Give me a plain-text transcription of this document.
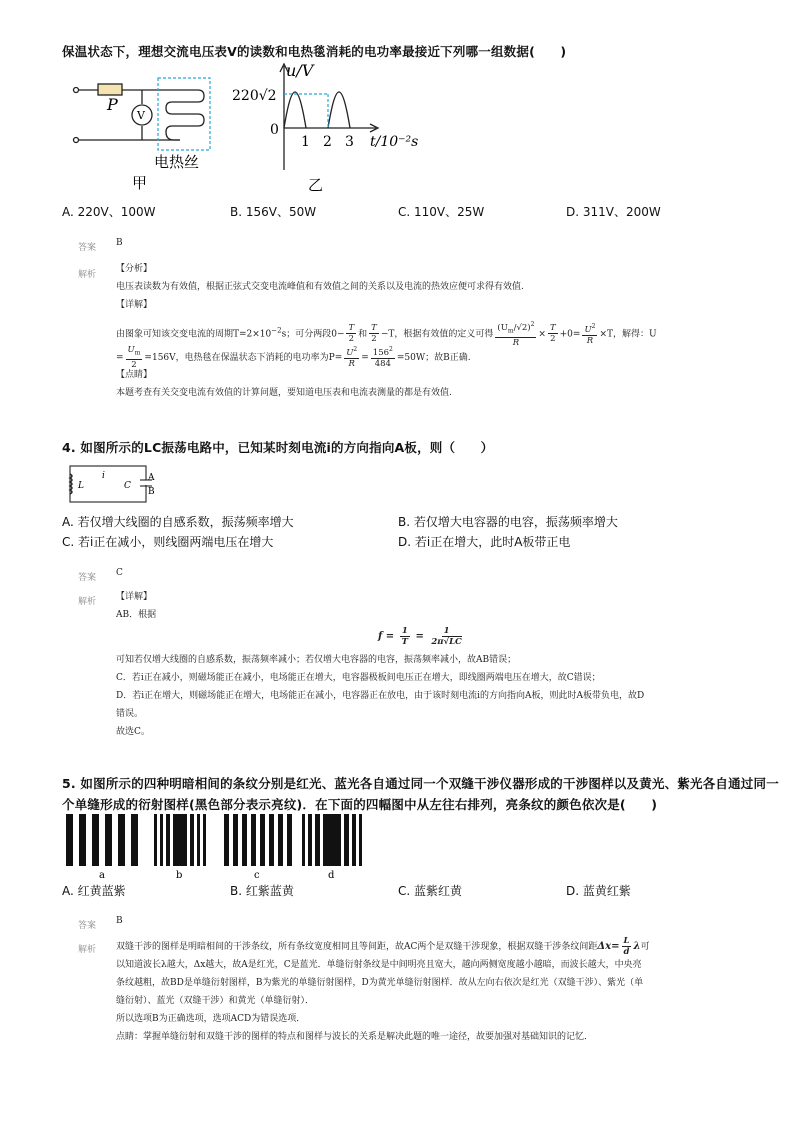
保温状态下，理想交流电压表V的读数和电热毯消耗的电功率最接近下列哪一组数据(　　)
P
V
电热丝
甲
u/V
220√2
0
1 2 3 t/10⁻²s
乙
A. 220V、100W	B. 156V、50W	C. 110V、25W	D. 311V、200W
答案 B
解析
【分析】
电压表读数为有效值，根据正弦式交变电流峰值和有效值之间的关系以及电流的热效应便可求得有效值.
【详解】
由图象可知该交变电流的周期$T=2\times 10^{-2}s$；可分两段$0- \frac{T}{2}$ 和 $\frac{T}{2} -T$，根据有效值的定义可得 $\frac{(U_m/√2)^2}{R} \times \frac{T}{2} +0= \frac{U^2}{R} \times T$，解得：U
= $\frac{U_m}{2} =156V$，电热毯在保温状态下消耗的电功率为$P= \frac{U^2}{R} = \frac{156^2}{484} =50W$；故B正确.
【点睛】
本题考查有关交变电流有效值的计算问题，要知道电压表和电流表测量的都是有效值.
4. 如图所示的LC振荡电路中，已知某时刻电流i的方向指向A板，则（　　）
i
L	C
A
B
A. 若仅增大线圈的自感系数，振荡频率增大	B. 若仅增大电容器的电容，振荡频率增大
C. 若i正在减小，则线圈两端电压在增大	D. 若i正在增大，此时A板带正电
答案 C
解析 【详解】
AB．根据
$f = \frac{1}{T} = \frac{1}{2\pi√LC}$
可知若仅增大线圈的自感系数，振荡频率减小；若仅增大电容器的电容，振荡频率减小，故AB错误；
C．若i正在减小，则磁场能正在减小，电场能正在增大，电容器极板间电压正在增大，即线圈两端电压在增大，故C错误；
D．若i正在增大，则磁场能正在增大，电场能正在减小，电容器正在放电，由于该时刻电流i的方向指向A板，则此时A板带负电，故D
错误。
故选C。
5. 如图所示的四种明暗相间的条纹分别是红光、蓝光各自通过同一个双缝干涉仪器形成的干涉图样以及黄光、紫光各自通过同一
个单缝形成的衍射图样(黑色部分表示亮纹)．在下面的四幅图中从左往右排列，亮条纹的颜色依次是(　　)
a	b	c	d
A. 红黄蓝紫	B. 红紫蓝黄	C. 蓝紫红黄	D. 蓝黄红紫
答案 B
解析 双缝干涉的图样是明暗相间的干涉条纹，所有条纹宽度相同且等间距，故AC两个是双缝干涉现象，根据双缝干涉条纹间距$\Delta x= \frac{L}{d}$ λ可
以知道波长λ越大，Δx越大，故A是红光，C是蓝光．单缝衍射条纹是中间明亮且宽大，越向两侧宽度越小越暗，而波长越大，中央亮
条纹越粗，故BD是单缝衍射图样，B为紫光的单缝衍射图样，D为黄光单缝衍射图样．故从左向右依次是红光（双缝干涉）、紫光（单
缝衍射）、蓝光（双缝干涉）和黄光（单缝衍射）．
所以选项B为正确选项，选项ACD为错误选项．
点睛：掌握单缝衍射和双缝干涉的图样的特点和图样与波长的关系是解决此题的唯一途径，故要加强对基础知识的记忆．
